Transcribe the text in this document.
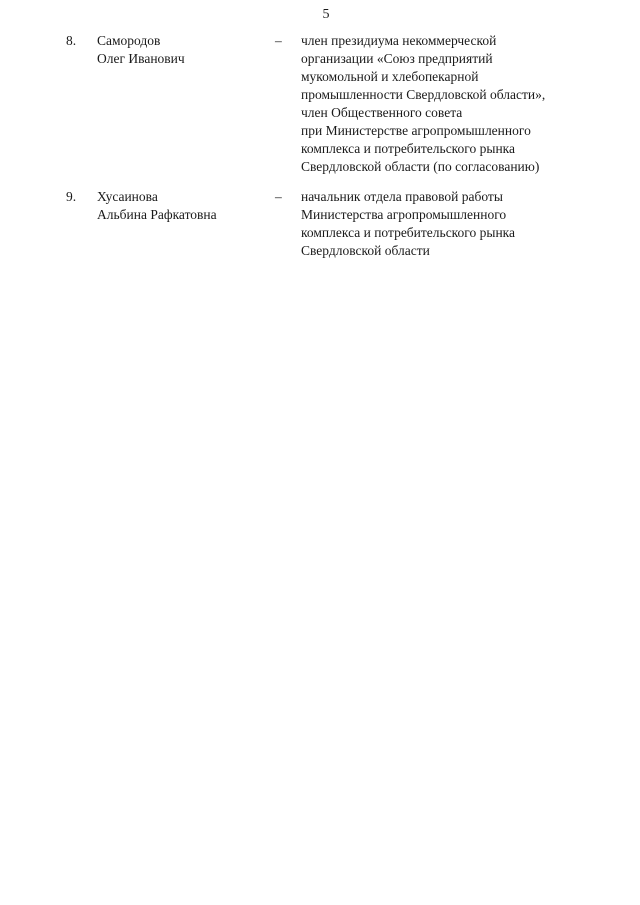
5
8. Самородов
Олег Иванович
– член президиума некоммерческой
организации «Союз предприятий
мукомольной и хлебопекарной
промышленности Свердловской области»,
член Общественного совета
при Министерстве агропромышленного
комплекса и потребительского рынка
Свердловской области (по согласованию)
9. Хусаинова
Альбина Рафкатовна
– начальник отдела правовой работы
Министерства агропромышленного
комплекса и потребительского рынка
Свердловской области
